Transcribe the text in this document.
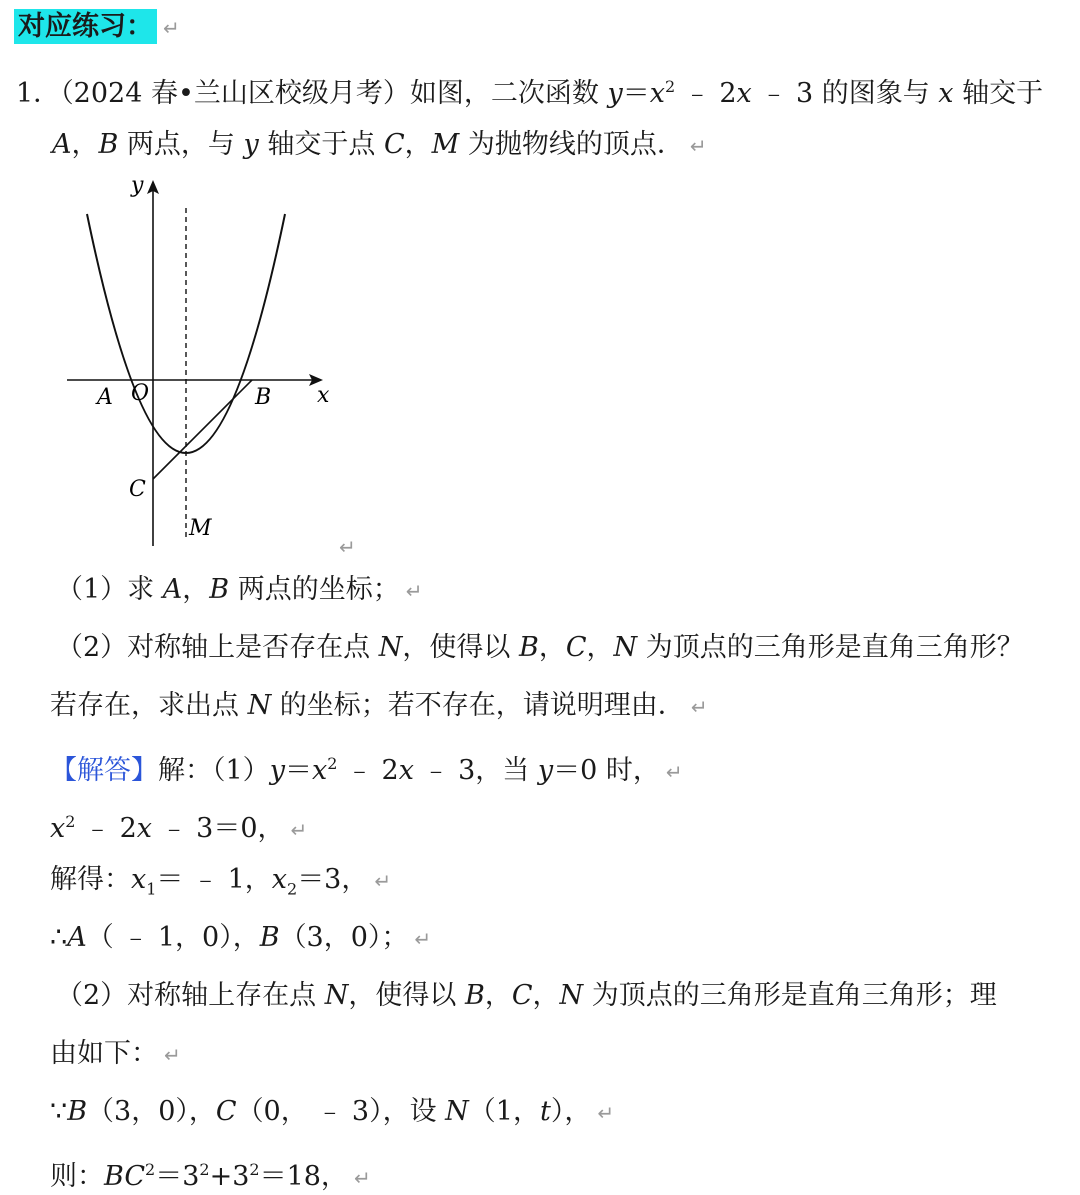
对应练习： ↵
1．（2024 春•兰山区校级月考）如图，二次函数 $y=x^2$ ﹣ 2x ﹣ 3 的图象与 x 轴交于
A，B 两点，与 y 轴交于点 C，M 为抛物线的顶点． ↵
y
x
A O	B
C
M
↵
（1）求 A，B 两点的坐标； ↵
（2）对称轴上是否存在点 N，使得以 B，C，N 为顶点的三角形是直角三角形？
若存在，求出点 N 的坐标；若不存在，请说明理由． ↵
【解答】解：$(1)y=x^2$ ﹣ 2x ﹣ 3，当 y＝0 时， ↵
$x^2$ ﹣ 2x ﹣ 3＝0， ↵
解得：$x_1=$ ﹣ 1，$x_2=3$， ↵
∴A（ ﹣ 1，0），B（3，0）； ↵
（2）对称轴上存在点 N，使得以 B，C，N 为顶点的三角形是直角三角形；理
由如下： ↵
∵B（3，0），C（0， ﹣ 3），设 N（1，t）， ↵
则：$BC^2=3^2+3^2=18$， ↵
